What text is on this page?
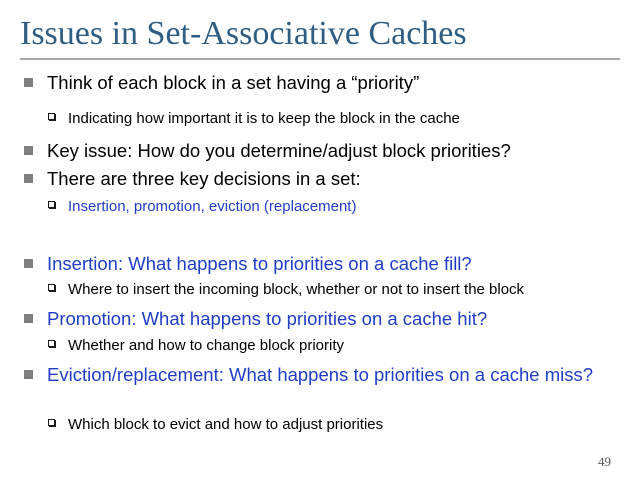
Issues in Set-Associative Caches
Think of each block in a set having a “priority”
Indicating how important it is to keep the block in the cache
Key issue: How do you determine/adjust block priorities?
There are three key decisions in a set:
Insertion, promotion, eviction (replacement)
Insertion: What happens to priorities on a cache fill?
Where to insert the incoming block, whether or not to insert the block
Promotion: What happens to priorities on a cache hit?
Whether and how to change block priority
Eviction/replacement: What happens to priorities on a cache miss?
Which block to evict and how to adjust priorities
49
